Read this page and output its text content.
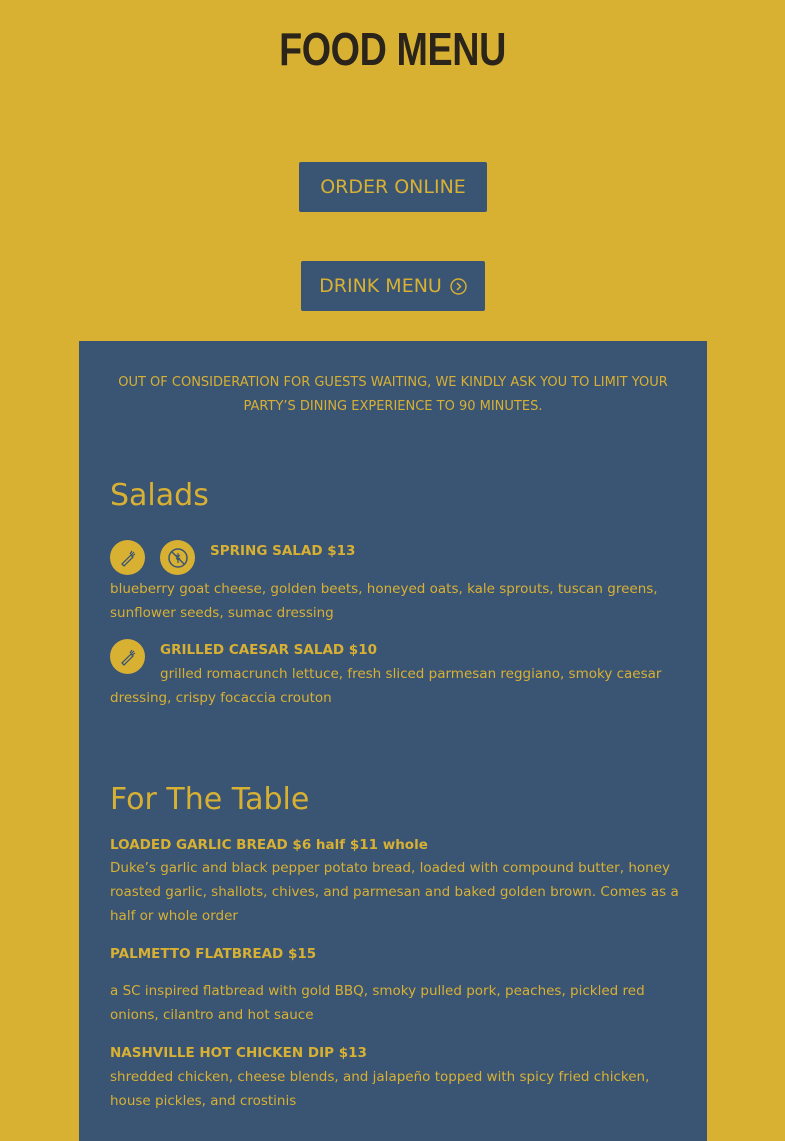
FOOD MENU
ORDER ONLINE
DRINK MENU
OUT OF CONSIDERATION FOR GUESTS WAITING, WE KINDLY ASK YOU TO LIMIT YOUR PARTY’S DINING EXPERIENCE TO 90 MINUTES.
Salads
SPRING SALAD $13
blueberry goat cheese, golden beets, honeyed oats, kale sprouts, tuscan greens, sunflower seeds, sumac dressing
GRILLED CAESAR SALAD $10
grilled romacrunch lettuce, fresh sliced parmesan reggiano, smoky caesar dressing, crispy focaccia crouton
For The Table
LOADED GARLIC BREAD $6 half $11 whole
Duke’s garlic and black pepper potato bread, loaded with compound butter, honey roasted garlic, shallots, chives, and parmesan and baked golden brown. Comes as a half or whole order
PALMETTO FLATBREAD $15
a SC inspired flatbread with gold BBQ, smoky pulled pork, peaches, pickled red onions, cilantro and hot sauce
NASHVILLE HOT CHICKEN DIP $13
shredded chicken, cheese blends, and jalapeño topped with spicy fried chicken, house pickles, and crostinis
